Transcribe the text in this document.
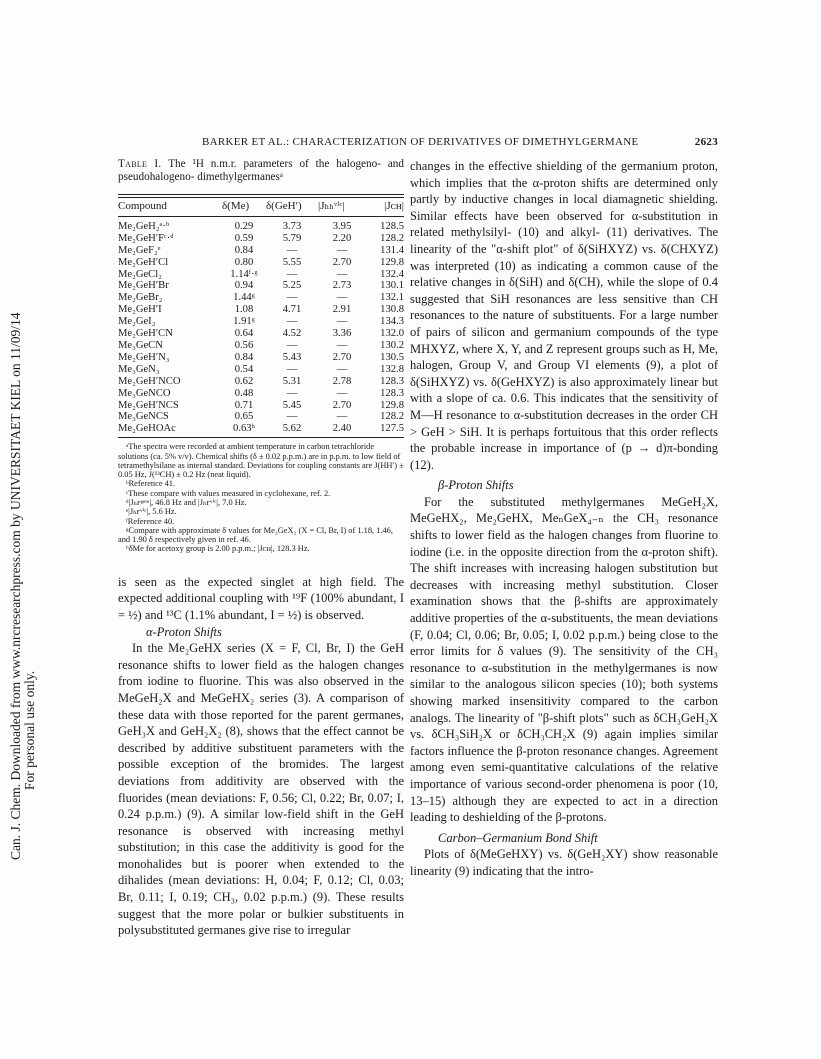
Can. J. Chem. Downloaded from www.nrcresearchpress.com by UNIVERSITAET KIEL on 11/09/14 For personal use only.
BARKER ET AL.: CHARACTERIZATION OF DERIVATIVES OF DIMETHYLGERMANE	2623

Table I. The ¹H n.m.r. parameters of the halogeno- and pseudohalogeno- dimethylgermanesᵃ

Compound	δ(Me)	δ(GeH′)	|Jₕₕᵛⁱᶜ|	|Jᴄʜ|
Me₂GeH₂ᵃ·ᵇ	0.29	3.73	3.95	128.5
Me₂GeH′Fᶜ·ᵈ	0.59	5.79	2.20	128.2
Me₂GeF₂ᵉ	0.84	—	—	131.4
Me₂GeH′Cl	0.80	5.55	2.70	129.8
Me₂GeCl₂	1.14ᶠ·ᵍ	—	—	132.4
Me₂GeH′Br	0.94	5.25	2.73	130.1
Me₂GeBr₂	1.44ᵍ	—	—	132.1
Me₂GeH′I	1.08	4.71	2.91	130.8
Me₂GeI₂	1.91ᵍ	—	—	134.3
Me₂GeH′CN	0.64	4.52	3.36	132.0
Me₃GeCN	0.56	—	—	130.2
Me₂GeH′N₃	0.84	5.43	2.70	130.5
Me₃GeN₃	0.54	—	—	132.8
Me₂GeH′NCO	0.62	5.31	2.78	128.3
Me₃GeNCO	0.48	—	—	128.3
Me₂GeH′NCS	0.71	5.45	2.70	129.8
Me₃GeNCS	0.65	—	—	128.2
Me₂GeHOAc	0.63ʰ	5.62	2.40	127.5

ᵃThe spectra were recorded at ambient temperature in carbon tetrachloride solutions (ca. 5% v/v). Chemical shifts (δ ± 0.02 p.p.m.) are in p.p.m. to low field of tetramethylsilane as internal standard. Deviations for coupling constants are J(HH′) ± 0.05 Hz, J(¹³CH) ± 0.2 Hz (neat liquid).

ᵇReference 41.

ᶜThese compare with values measured in cyclohexane, ref. 2.

ᵈ|Jₕғᵍᵉᵐ|, 46.8 Hz and |Jₕғᵛⁱᶜ|, 7.0 Hz.

ᵉ|Jₕғᵛⁱᶜ|, 5.6 Hz.

ᶠReference 40.

ᵍCompare with approximate δ values for Me₂GeX₂ (X = Cl, Br, I) of 1.18, 1.46, and 1.90 δ respectively given in ref. 46.

ʰδMe for acetoxy group is 2.00 p.p.m.; |Jᴄʜ|, 128.3 Hz.

is seen as the expected singlet at high field. The expected additional coupling with ¹⁹F (100% abundant, I = ½) and ¹³C (1.1% abundant, I = ½) is observed.

α-Proton Shifts

In the Me₂GeHX series (X = F, Cl, Br, I) the GeH resonance shifts to lower field as the halogen changes from iodine to fluorine. This was also observed in the MeGeH₂X and MeGeHX₂ series (3). A comparison of these data with those reported for the parent germanes, GeH₃X and GeH₂X₂ (8), shows that the effect cannot be described by additive substituent parameters with the possible exception of the bromides. The largest deviations from additivity are observed with the fluorides (mean deviations: F, 0.56; Cl, 0.22; Br, 0.07; I, 0.24 p.p.m.) (9). A similar low-field shift in the GeH resonance is observed with increasing methyl substitution; in this case the additivity is good for the monohalides but is poorer when extended to the dihalides (mean deviations: H, 0.04; F, 0.12; Cl, 0.03; Br, 0.11; I, 0.19; CH₃, 0.02 p.p.m.) (9). These results suggest that the more polar or bulkier substituents in polysubstituted germanes give rise to irregular

changes in the effective shielding of the germanium proton, which implies that the α-proton shifts are determined only partly by inductive changes in local diamagnetic shielding. Similar effects have been observed for α-substitution in related methylsilyl- (10) and alkyl- (11) derivatives. The linearity of the "α-shift plot" of δ(SiHXYZ) vs. δ(CHXYZ) was interpreted (10) as indicating a common cause of the relative changes in δ(SiH) and δ(CH), while the slope of 0.4 suggested that SiH resonances are less sensitive than CH resonances to the nature of substituents. For a large number of pairs of silicon and germanium compounds of the type MHXYZ, where X, Y, and Z represent groups such as H, Me, halogen, Group V, and Group VI elements (9), a plot of δ(SiHXYZ) vs. δ(GeHXYZ) is also approximately linear but with a slope of ca. 0.6. This indicates that the sensitivity of M—H resonance to α-substitution decreases in the order CH > GeH > SiH. It is perhaps fortuitous that this order reflects the probable increase in importance of (p → d)π-bonding (12).

β-Proton Shifts

For the substituted methylgermanes MeGeH₂X, MeGeHX₂, Me₂GeHX, MeₙGeX₄₋ₙ the CH₃ resonance shifts to lower field as the halogen changes from fluorine to iodine (i.e. in the opposite direction from the α-proton shift). The shift increases with increasing halogen substitution but decreases with increasing methyl substitution. Closer examination shows that the β-shifts are approximately additive properties of the α-substituents, the mean deviations (F, 0.04; Cl, 0.06; Br, 0.05; I, 0.02 p.p.m.) being close to the error limits for δ values (9). The sensitivity of the CH₃ resonance to α-substitution in the methylgermanes is now similar to the analogous silicon species (10); both systems showing marked insensitivity compared to the carbon analogs. The linearity of "β-shift plots" such as δCH₃GeH₂X vs. δCH₃SiH₂X or δCH₃CH₂X (9) again implies similar factors influence the β-proton resonance changes. Agreement among even semi-quantitative calculations of the relative importance of various second-order phenomena is poor (10, 13–15) although they are expected to act in a direction leading to deshielding of the β-protons.

Carbon–Germanium Bond Shift

Plots of δ(MeGeHXY) vs. δ(GeH₂XY) show reasonable linearity (9) indicating that the intro-
